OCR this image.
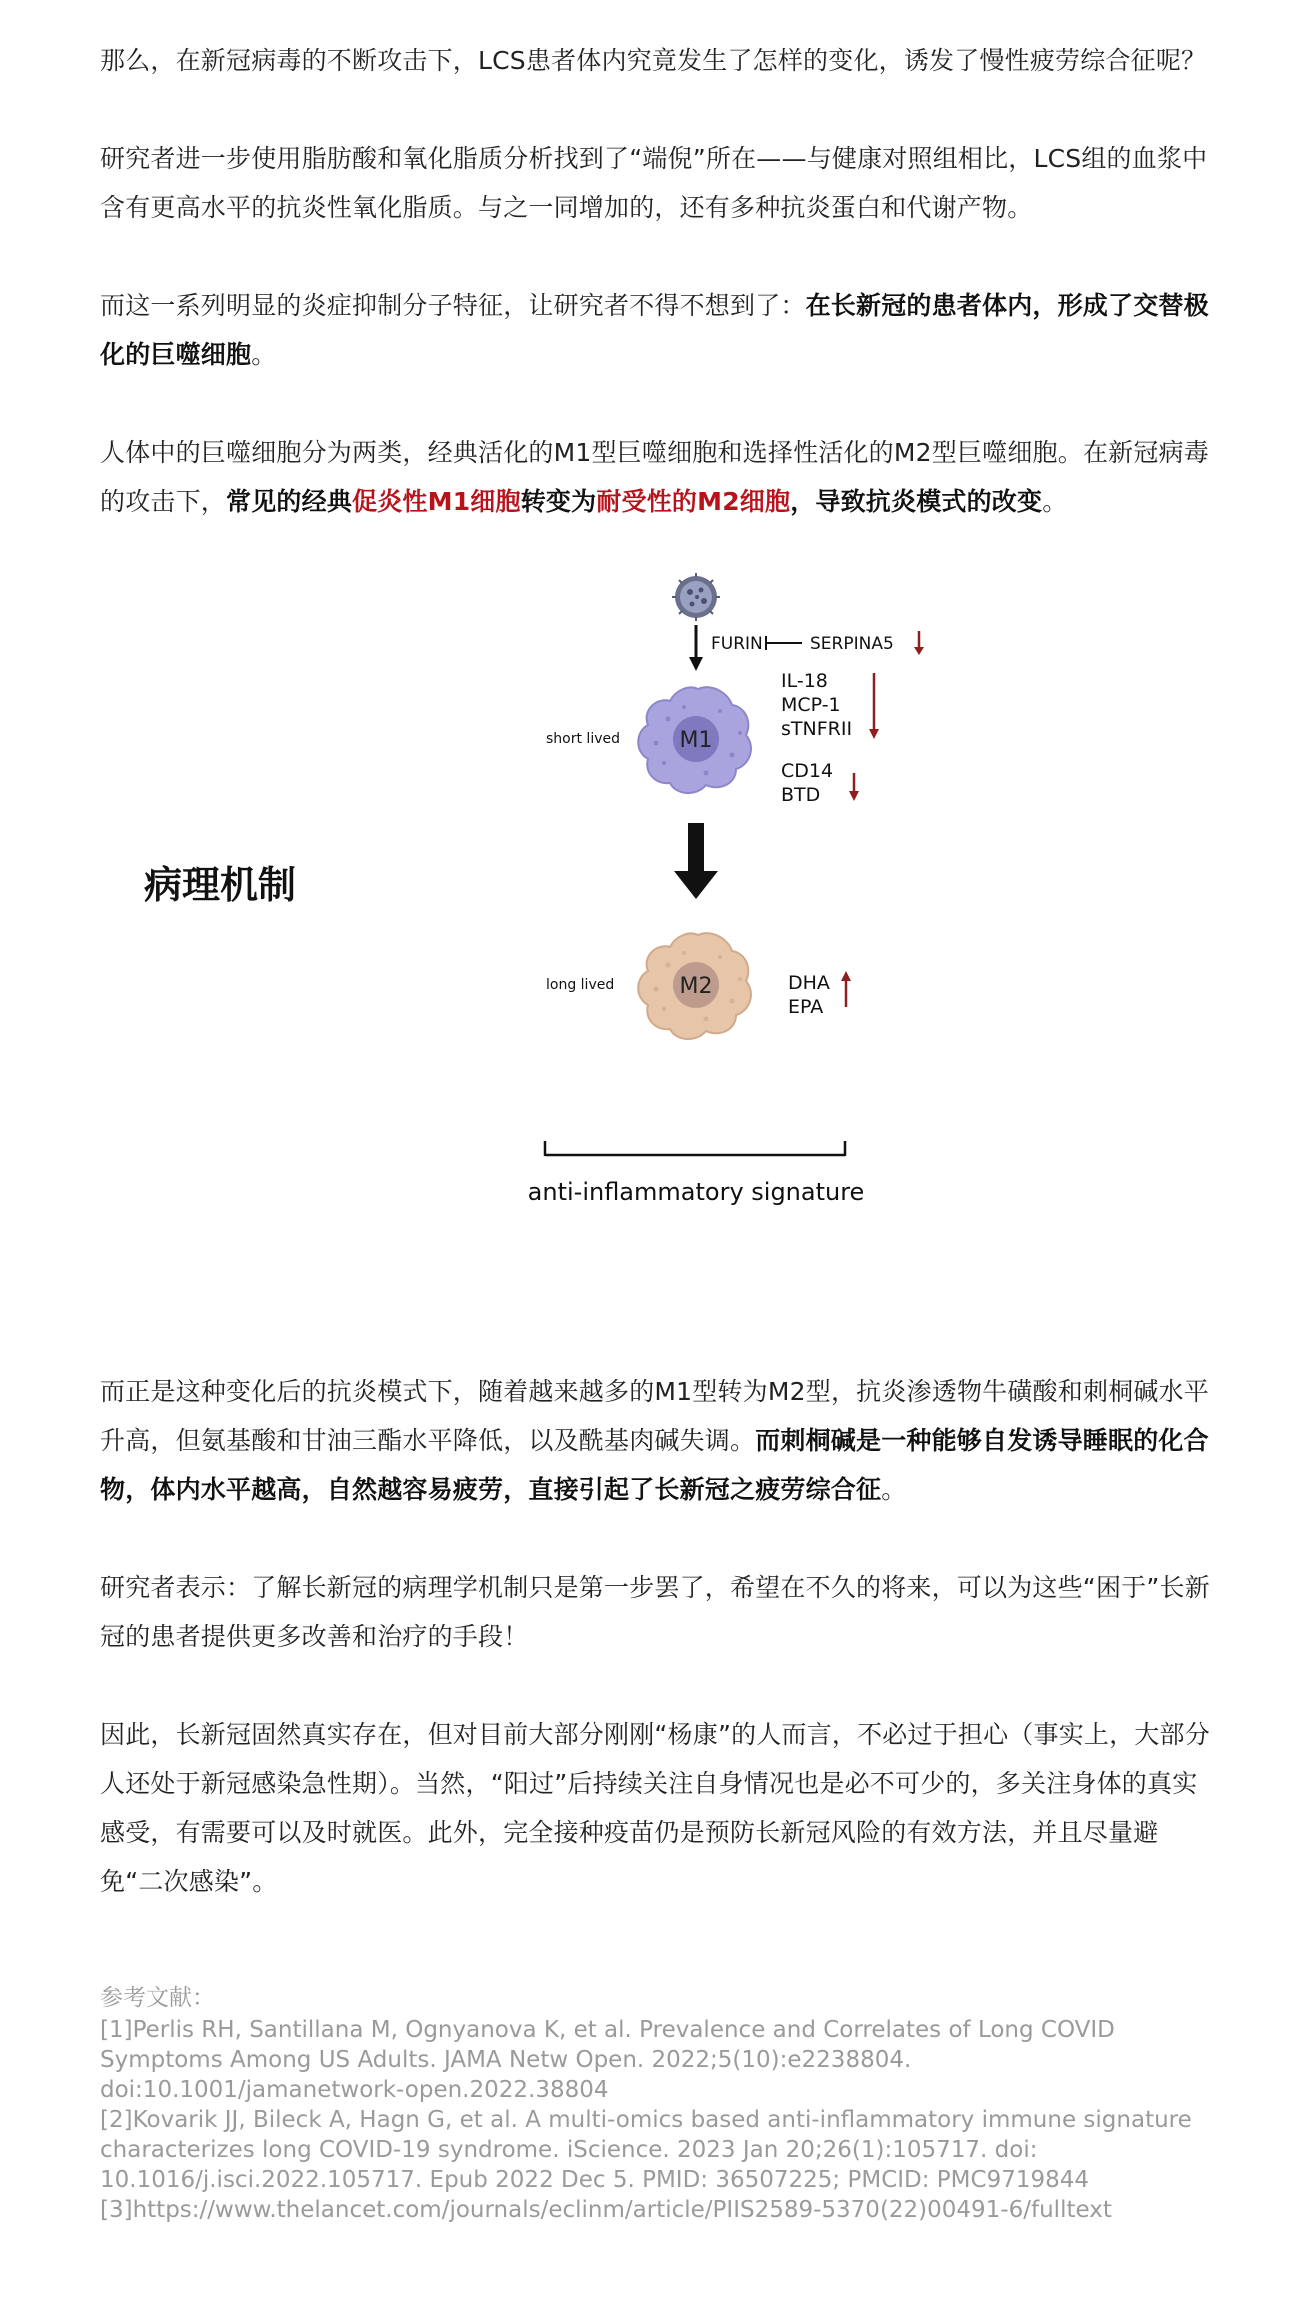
那么，在新冠病毒的不断攻击下，LCS患者体内究竟发生了怎样的变化，诱发了慢性疲劳综合征呢？

研究者进一步使用脂肪酸和氧化脂质分析找到了“端倪”所在——与健康对照组相比，LCS组的血浆中含有更高水平的抗炎性氧化脂质。与之一同增加的，还有多种抗炎蛋白和代谢产物。

而这一系列明显的炎症抑制分子特征，让研究者不得不想到了：在长新冠的患者体内，形成了交替极化的巨噬细胞。

人体中的巨噬细胞分为两类，经典活化的M1型巨噬细胞和选择性活化的M2型巨噬细胞。在新冠病毒的攻击下，常见的经典促炎性M1细胞转变为耐受性的M2细胞，导致抗炎模式的改变。

病理机制
FURIN	SERPINA5
M1
short lived
IL-18
MCP-1
sTNFRII
CD14
BTD
M2
long lived	DHA
EPA
anti-inflammatory signature

而正是这种变化后的抗炎模式下，随着越来越多的M1型转为M2型，抗炎渗透物牛磺酸和刺桐碱水平升高，但氨基酸和甘油三酯水平降低，以及酰基肉碱失调。而刺桐碱是一种能够自发诱导睡眠的化合物，体内水平越高，自然越容易疲劳，直接引起了长新冠之疲劳综合征。

研究者表示：了解长新冠的病理学机制只是第一步罢了，希望在不久的将来，可以为这些“困于”长新冠的患者提供更多改善和治疗的手段！

因此，长新冠固然真实存在，但对目前大部分刚刚“杨康”的人而言，不必过于担心（事实上，大部分人还处于新冠感染急性期）。当然，“阳过”后持续关注自身情况也是必不可少的，多关注身体的真实感受，有需要可以及时就医。此外，完全接种疫苗仍是预防长新冠风险的有效方法，并且尽量避免“二次感染”。

参考文献：
[1]Perlis RH, Santillana M, Ognyanova K, et al. Prevalence and Correlates of Long COVID Symptoms Among US Adults. JAMA Netw Open. 2022;5(10):e2238804. doi:10.1001/jamanetwork-open.2022.38804
[2]Kovarik JJ, Bileck A, Hagn G, et al. A multi-omics based anti-inflammatory immune signature characterizes long COVID-19 syndrome. iScience. 2023 Jan 20;26(1):105717. doi: 10.1016/j.isci.2022.105717. Epub 2022 Dec 5. PMID: 36507225; PMCID: PMC9719844
[3]https://www.thelancet.com/journals/eclinm/article/PIIS2589-5370(22)00491-6/fulltext
